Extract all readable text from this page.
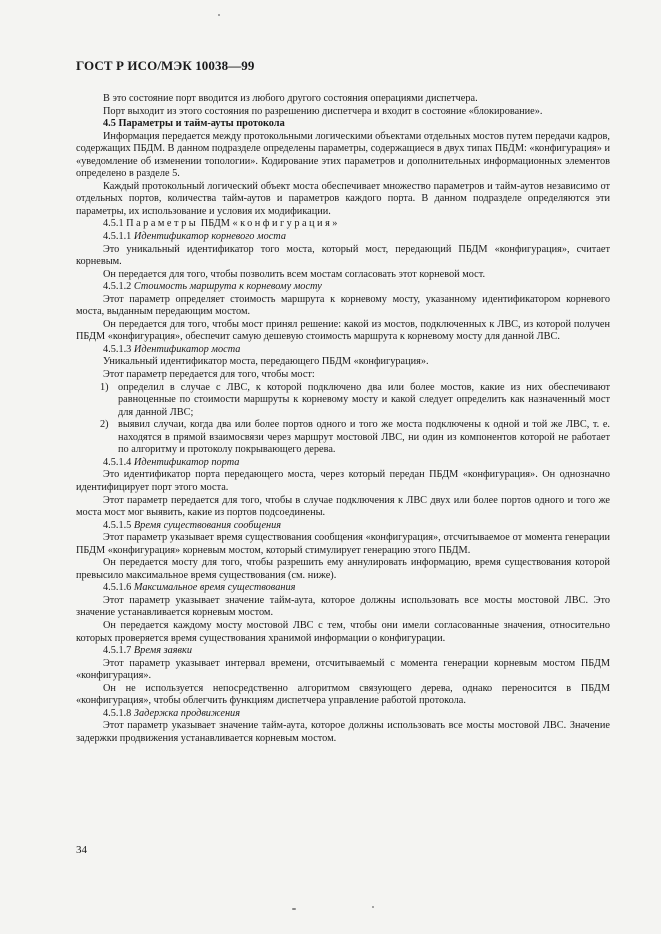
ГОСТ Р ИСО/МЭК 10038—99

В это состояние порт вводится из любого другого состояния операциями диспетчера.

Порт выходит из этого состояния по разрешению диспетчера и входит в состояние «блокирование».

4.5 Параметры и тайм-ауты протокола

Информация передается между протокольными логическими объектами отдельных мостов путем передачи кадров, содержащих ПБДМ. В данном подразделе определены параметры, содержащиеся в двух типах ПБДМ: «конфигурация» и «уведомление об изменении топологии». Кодирование этих параметров и дополнительных информационных элементов определено в разделе 5.

Каждый протокольный логический объект моста обеспечивает множество параметров и тайм-аутов независимо от отдельных портов, количества тайм-аутов и параметров каждого порта. В данном подразделе определяются эти параметры, их использование и условия их модификации.

4.5.1 Параметры ПБДМ «конфигурация»

4.5.1.1 Идентификатор корневого моста

Это уникальный идентификатор того моста, который мост, передающий ПБДМ «конфигурация», считает корневым.

Он передается для того, чтобы позволить всем мостам согласовать этот корневой мост.

4.5.1.2 Стоимость маршрута к корневому мосту

Этот параметр определяет стоимость маршрута к корневому мосту, указанному идентификатором корневого моста, выданным передающим мостом.

Он передается для того, чтобы мост принял решение: какой из мостов, подключенных к ЛВС, из которой получен ПБДМ «конфигурация», обеспечит самую дешевую стоимость маршрута к корневому мосту для данной ЛВС.

4.5.1.3 Идентификатор моста

Уникальный идентификатор моста, передающего ПБДМ «конфигурация».

Этот параметр передается для того, чтобы мост:

1) определил в случае с ЛВС, к которой подключено два или более мостов, какие из них обеспечивают равноценные по стоимости маршруты к корневому мосту и какой следует определить как назначенный мост для данной ЛВС;
2) выявил случаи, когда два или более портов одного и того же моста подключены к одной и той же ЛВС, т. е. находятся в прямой взаимосвязи через маршрут мостовой ЛВС, ни один из компонентов которой не работает по алгоритму и протоколу покрывающего дерева.

4.5.1.4 Идентификатор порта

Это идентификатор порта передающего моста, через который передан ПБДМ «конфигурация». Он однозначно идентифицирует порт этого моста.

Этот параметр передается для того, чтобы в случае подключения к ЛВС двух или более портов одного и того же моста мост мог выявить, какие из портов подсоединены.

4.5.1.5 Время существования сообщения

Этот параметр указывает время существования сообщения «конфигурация», отсчитываемое от момента генерации ПБДМ «конфигурация» корневым мостом, который стимулирует генерацию этого ПБДМ.

Он передается мосту для того, чтобы разрешить ему аннулировать информацию, время существования которой превысило максимальное время существования (см. ниже).

4.5.1.6 Максимальное время существования

Этот параметр указывает значение тайм-аута, которое должны использовать все мосты мостовой ЛВС. Это значение устанавливается корневым мостом.

Он передается каждому мосту мостовой ЛВС с тем, чтобы они имели согласованные значения, относительно которых проверяется время существования хранимой информации о конфигурации.

4.5.1.7 Время заявки

Этот параметр указывает интервал времени, отсчитываемый с момента генерации корневым мостом ПБДМ «конфигурация».

Он не используется непосредственно алгоритмом связующего дерева, однако переносится в ПБДМ «конфигурация», чтобы облегчить функциям диспетчера управление работой протокола.

4.5.1.8 Задержка продвижения

Этот параметр указывает значение тайм-аута, которое должны использовать все мосты мостовой ЛВС. Значение задержки продвижения устанавливается корневым мостом.

34
